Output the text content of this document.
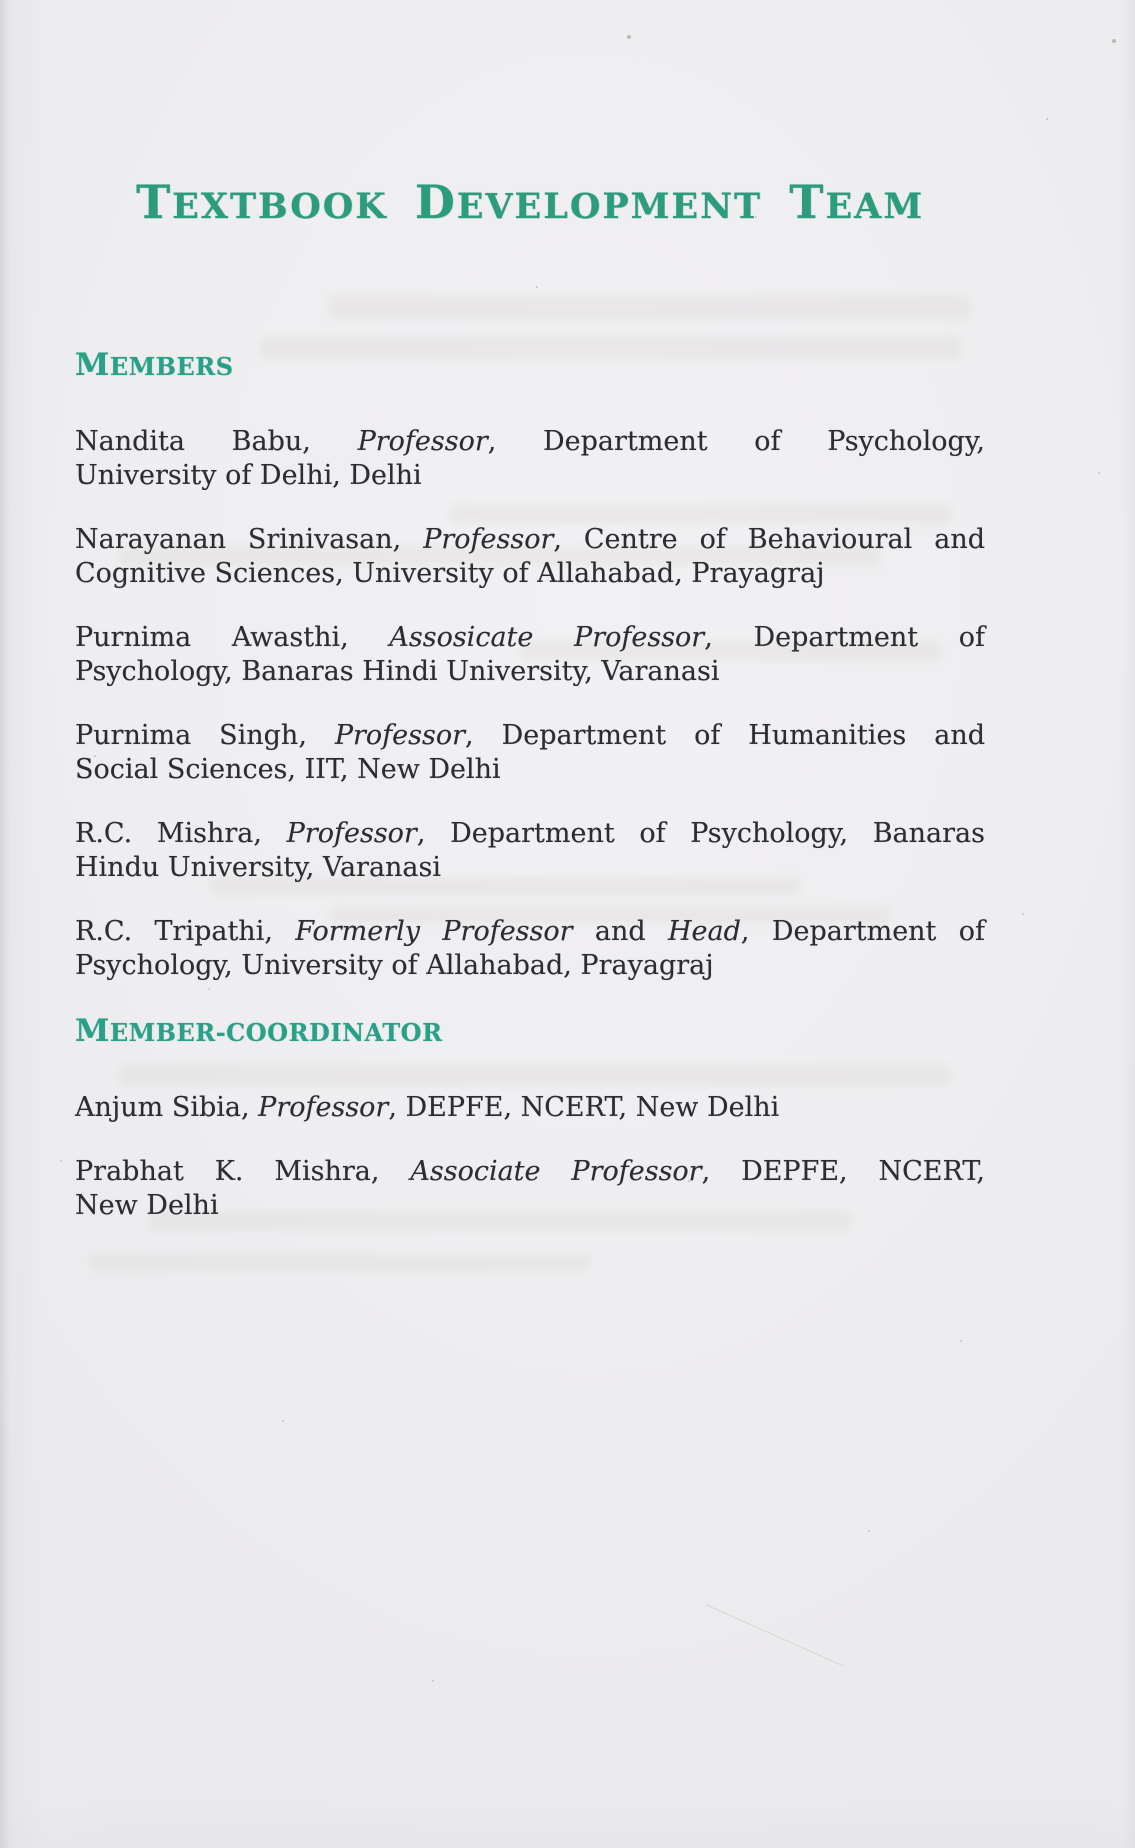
TEXTBOOK DEVELOPMENT TEAM
MEMBERS

Nandita Babu, Professor, Department of Psychology,
University of Delhi, Delhi

Narayanan Srinivasan, Professor, Centre of Behavioural and
Cognitive Sciences, University of Allahabad, Prayagraj

Purnima Awasthi, Assosicate Professor, Department of
Psychology, Banaras Hindi University, Varanasi

Purnima Singh, Professor, Department of Humanities and
Social Sciences, IIT, New Delhi

R.C. Mishra, Professor, Department of Psychology, Banaras
Hindu University, Varanasi

R.C. Tripathi, Formerly Professor and Head, Department of
Psychology, University of Allahabad, Prayagraj

MEMBER-COORDINATOR

Anjum Sibia, Professor, DEPFE, NCERT, New Delhi

Prabhat K. Mishra, Associate Professor, DEPFE, NCERT,
New Delhi
